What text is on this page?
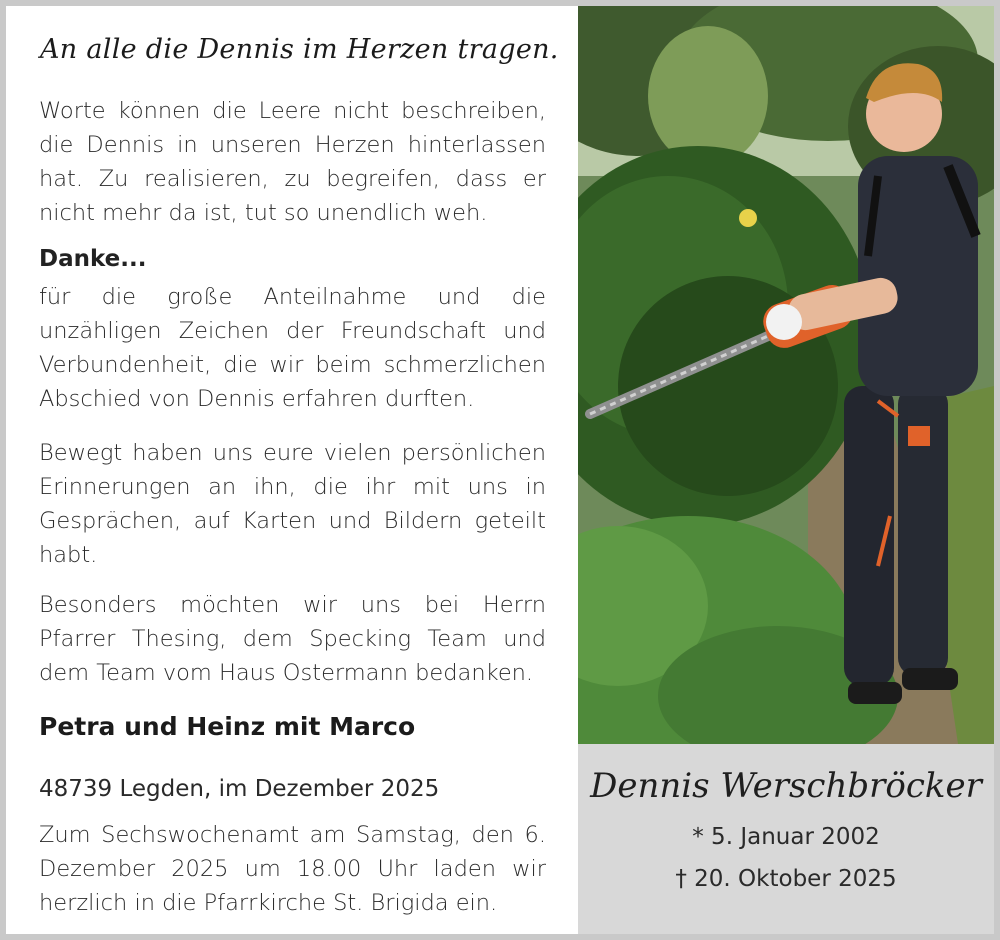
An alle die Dennis im Herzen tragen.
Worte können die Leere nicht beschreiben, die Dennis in unseren Herzen hinterlassen hat. Zu realisieren, zu begreifen, dass er nicht mehr da ist, tut so unendlich weh.
Danke...
für die große Anteilnahme und die unzähligen Zeichen der Freundschaft und Verbundenheit, die wir beim schmerzlichen Abschied von Dennis erfahren durften.
Bewegt haben uns eure vielen persönlichen Erinnerungen an ihn, die ihr mit uns in Gesprächen, auf Karten und Bildern geteilt habt.
Besonders möchten wir uns bei Herrn Pfarrer Thesing, dem Specking Team und dem Team vom Haus Ostermann bedanken.
Petra und Heinz mit Marco
48739 Legden, im Dezember 2025
Zum Sechswochenamt am Samstag, den 6. Dezember 2025 um 18.00 Uhr laden wir herzlich in die Pfarrkirche St. Brigida ein.
Dennis Werschbröcker
* 5. Januar 2002
† 20. Oktober 2025
